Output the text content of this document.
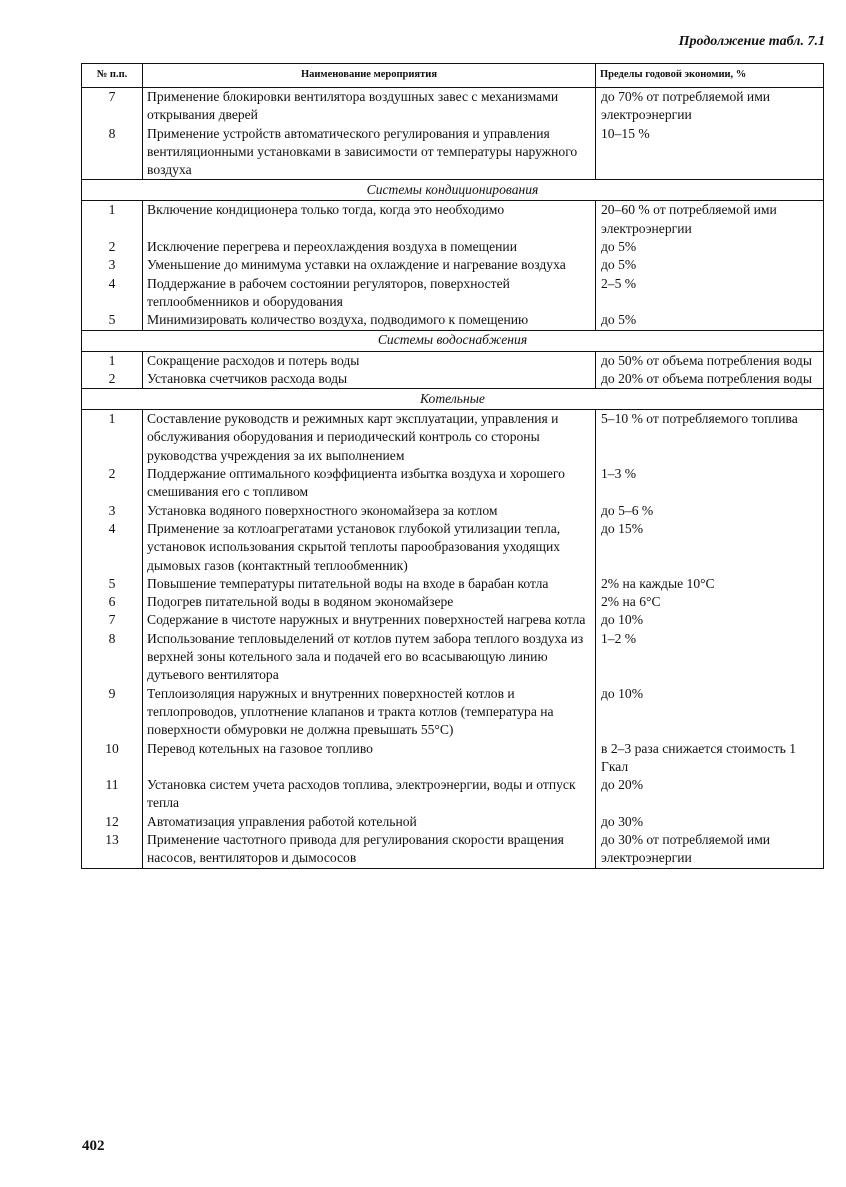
Продолжение табл. 7.1
№ п.п.	Наименование мероприятия	Пределы годовой экономии, %
7	Применение блокировки вентилятора воздушных завес с механизмами открывания дверей	до 70% от потребляемой ими электроэнергии
8	Применение устройств автоматического регулирования и управления вентиляционными установками в зависимости от температуры наружного воздуха	10–15 %
Системы кондиционирования		
1	Включение кондиционера только тогда, когда это необходимо	20–60 % от потребляемой ими электроэнергии
2	Исключение перегрева и переохлаждения воздуха в помещении	до 5%
3	Уменьшение до минимума уставки на охлаждение и нагревание воздуха	до 5%
4	Поддержание в рабочем состоянии регуляторов, поверхностей теплообменников и оборудования	2–5 %
5	Минимизировать количество воздуха, подводимого к помещению	до 5%
Системы водоснабжения		
1	Сокращение расходов и потерь воды	до 50% от объема потребления воды
2	Установка счетчиков расхода воды	до 20% от объема потребления воды
Котельные		
1	Составление руководств и режимных карт эксплуатации, управления и обслуживания оборудования и периодический контроль со стороны руководства учреждения за их выполнением	5–10 % от потребляемого топлива
2	Поддержание оптимального коэффициента избытка воздуха и хорошего смешивания его с топливом	1–3 %
3	Установка водяного поверхностного экономайзера за котлом	до 5–6 %
4	Применение за котлоагрегатами установок глубокой утилизации тепла, установок использования скрытой теплоты парообразования уходящих дымовых газов (контактный теплообменник)	до 15%
5	Повышение температуры питательной воды на входе в барабан котла	2% на каждые 10°С
6	Подогрев питательной воды в водяном экономайзере	2% на 6°С
7	Содержание в чистоте наружных и внутренних поверхностей нагрева котла	до 10%
8	Использование тепловыделений от котлов путем забора теплого воздуха из верхней зоны котельного зала и подачей его во всасывающую линию дутьевого вентилятора	1–2 %
9	Теплоизоляция наружных и внутренних поверхностей котлов и теплопроводов, уплотнение клапанов и тракта котлов (температура на поверхности обмуровки не должна превышать 55°С)	до 10%
10	Перевод котельных на газовое топливо	в 2–3 раза снижается стоимость 1 Гкал
11	Установка систем учета расходов топлива, электроэнергии, воды и отпуск тепла	до 20%
12	Автоматизация управления работой котельной	до 30%
13	Применение частотного привода для регулирования скорости вращения насосов, вентиляторов и дымососов	до 30% от потребляемой ими электроэнергии
402
